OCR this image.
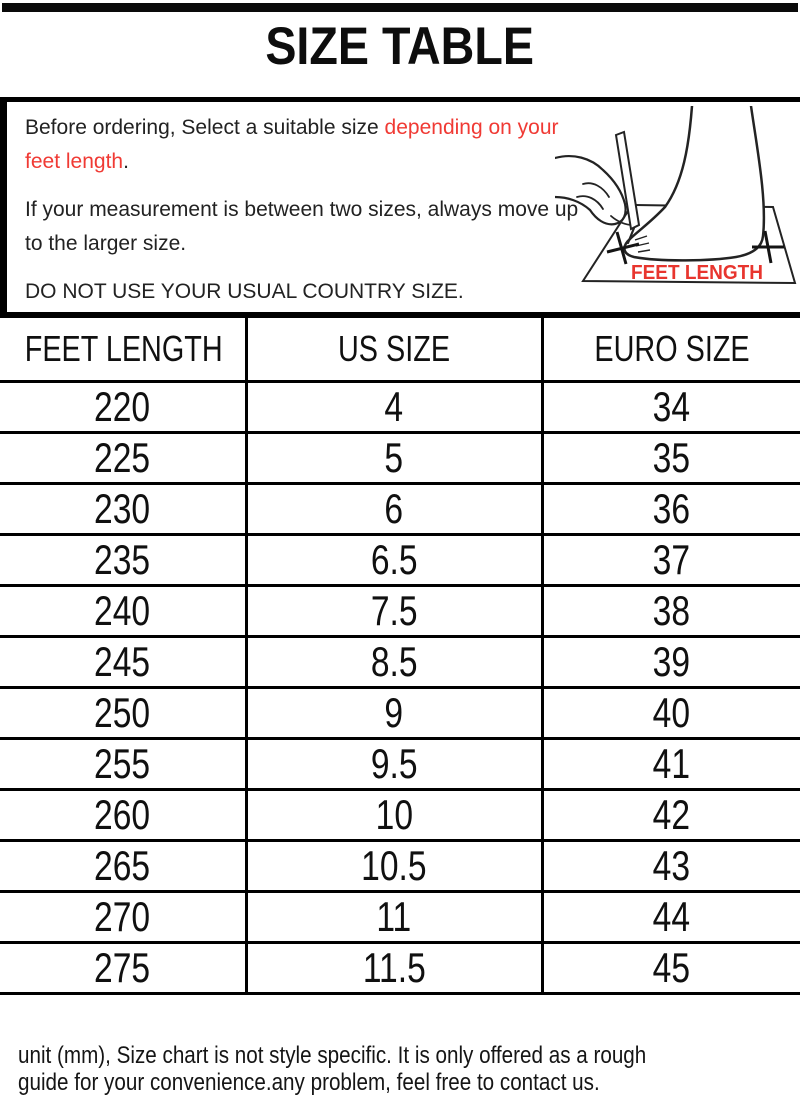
SIZE TABLE

Before ordering, Select a suitable size depending on your feet length.

If your measurement is between two sizes, always move up to the larger size.

DO NOT USE YOUR USUAL COUNTRY SIZE.

FEET LENGTH
FEET LENGTH	US SIZE	EURO SIZE
220	4	34
225	5	35
230	6	36
235	6.5	37
240	7.5	38
245	8.5	39
250	9	40
255	9.5	41
260	10	42
265	10.5	43
270	11	44
275	11.5	45
unit (mm), Size chart is not style specific. It is only offered as a rough
guide for your convenience.any problem, feel free to contact us.
